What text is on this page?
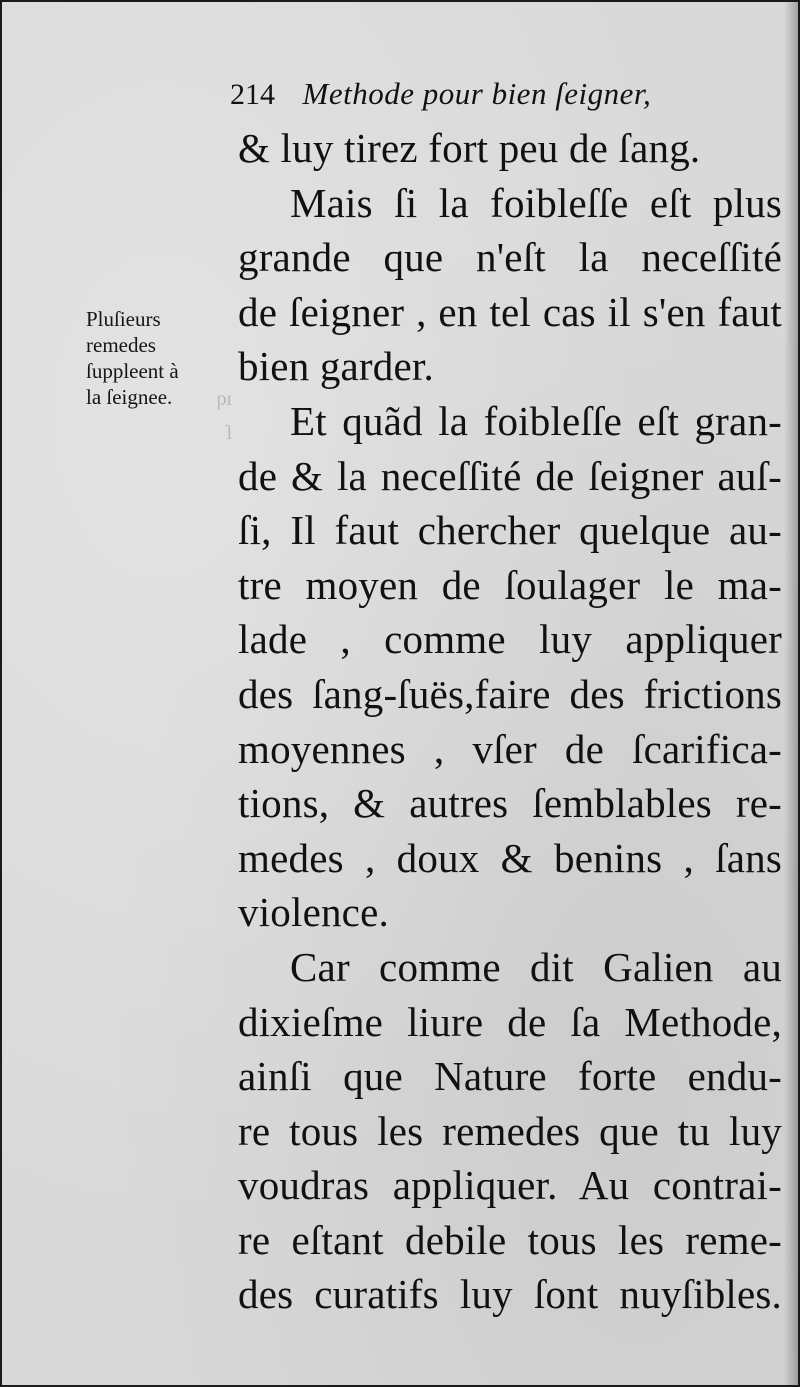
ıq
ſ
214 Methode pour bien ſeigner,
Pluſieurs
remedes
ſuppleent à
la ſeignee.
& luy tirez fort peu de ſang.
Mais ſi la foibleſſe eſt plus
grande que n'eſt la neceſſité
de ſeigner , en tel cas il s'en faut
bien garder.
Et quãd la foibleſſe eſt gran-
de & la neceſſité de ſeigner auſ-
ſi, Il faut chercher quelque au-
tre moyen de ſoulager le ma-
lade , comme luy appliquer
des ſang-ſuës,faire des frictions
moyennes , vſer de ſcarifica-
tions, & autres ſemblables re-
medes , doux & benins , ſans
violence.
Car comme dit Galien au
dixieſme liure de ſa Methode,
ainſi que Nature forte endu-
re tous les remedes que tu luy
voudras appliquer. Au contrai-
re eſtant debile tous les reme-
des curatifs luy ſont nuyſibles.
